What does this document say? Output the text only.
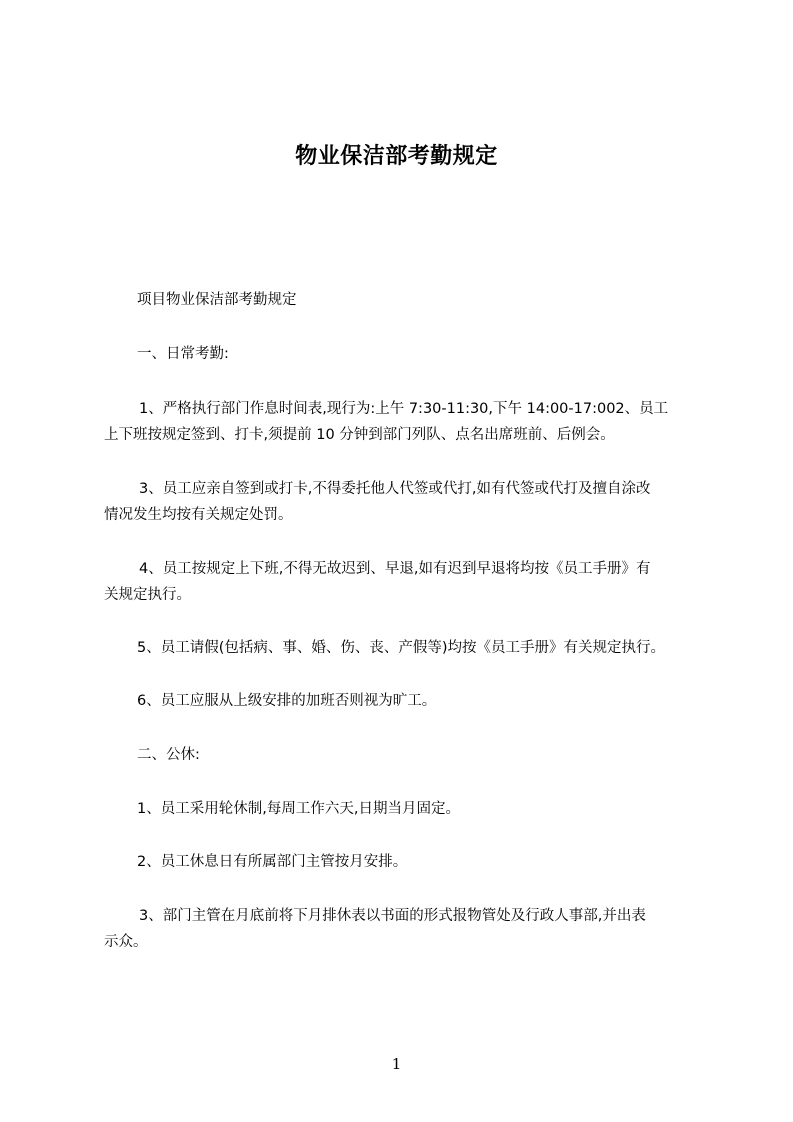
物业保洁部考勤规定
项目物业保洁部考勤规定
一、日常考勤:
1、严格执行部门作息时间表,现行为:上午 7:30-11:30,下午 14:00-17:002、员工
上下班按规定签到、打卡,须提前 10 分钟到部门列队、点名出席班前、后例会。
3、员工应亲自签到或打卡,不得委托他人代签或代打,如有代签或代打及擅自涂改
情况发生均按有关规定处罚。
4、员工按规定上下班,不得无故迟到、早退,如有迟到早退将均按《员工手册》有
关规定执行。
5、员工请假(包括病、事、婚、伤、丧、产假等)均按《员工手册》有关规定执行。
6、员工应服从上级安排的加班否则视为旷工。
二、公休:
1、员工采用轮休制,每周工作六天,日期当月固定。
2、员工休息日有所属部门主管按月安排。
3、部门主管在月底前将下月排休表以书面的形式报物管处及行政人事部,并出表
示众。
1
